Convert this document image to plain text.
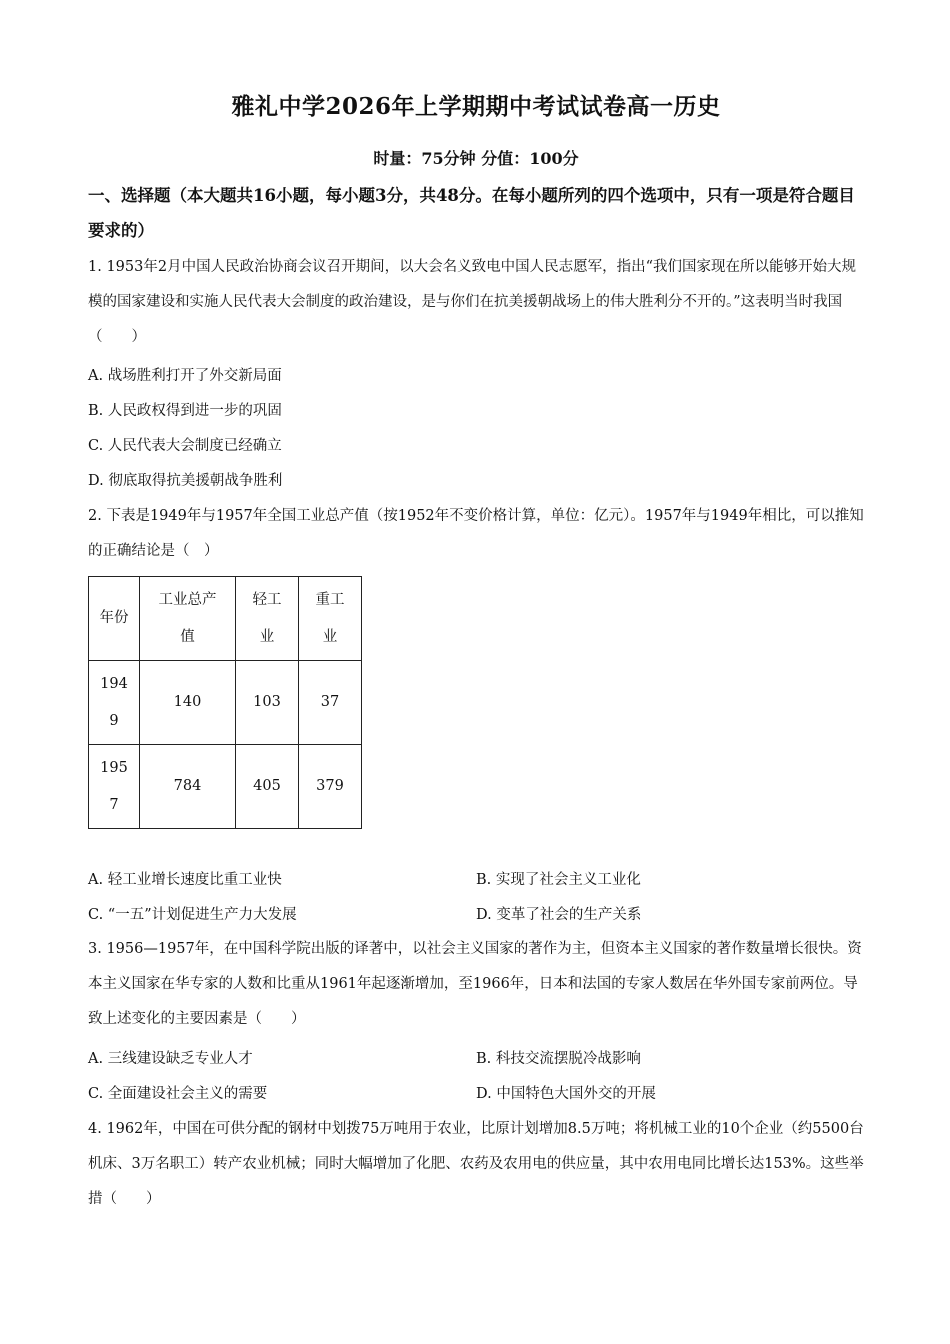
雅礼中学2026年上学期期中考试试卷高一历史
时量：75分钟 分值：100分
一、选择题（本大题共16小题，每小题3分，共48分。在每小题所列的四个选项中，只有一项是符合题目要求的）
1. 1953年2月中国人民政治协商会议召开期间，以大会名义致电中国人民志愿军，指出“我们国家现在所以能够开始大规模的国家建设和实施人民代表大会制度的政治建设，是与你们在抗美援朝战场上的伟大胜利分不开的。”这表明当时我国（　　）
A. 战场胜利打开了外交新局面
B. 人民政权得到进一步的巩固
C. 人民代表大会制度已经确立
D. 彻底取得抗美援朝战争胜利
2. 下表是1949年与1957年全国工业总产值（按1952年不变价格计算，单位：亿元）。1957年与1949年相比，可以推知的正确结论是（　）
年份	工业总产值	轻工业	重工业
1949	140	103	37
1957	784	405	379
A. 轻工业增长速度比重工业快	B. 实现了社会主义工业化
C. “一五”计划促进生产力大发展	D. 变革了社会的生产关系
3. 1956—1957年，在中国科学院出版的译著中，以社会主义国家的著作为主，但资本主义国家的著作数量增长很快。资本主义国家在华专家的人数和比重从1961年起逐渐增加，至1966年，日本和法国的专家人数居在华外国专家前两位。导致上述变化的主要因素是（　　）
A. 三线建设缺乏专业人才	B. 科技交流摆脱冷战影响
C. 全面建设社会主义的需要	D. 中国特色大国外交的开展
4. 1962年，中国在可供分配的钢材中划拨75万吨用于农业，比原计划增加8.5万吨；将机械工业的10个企业（约5500台机床、3万名职工）转产农业机械；同时大幅增加了化肥、农药及农用电的供应量，其中农用电同比增长达153%。这些举措（　　）
